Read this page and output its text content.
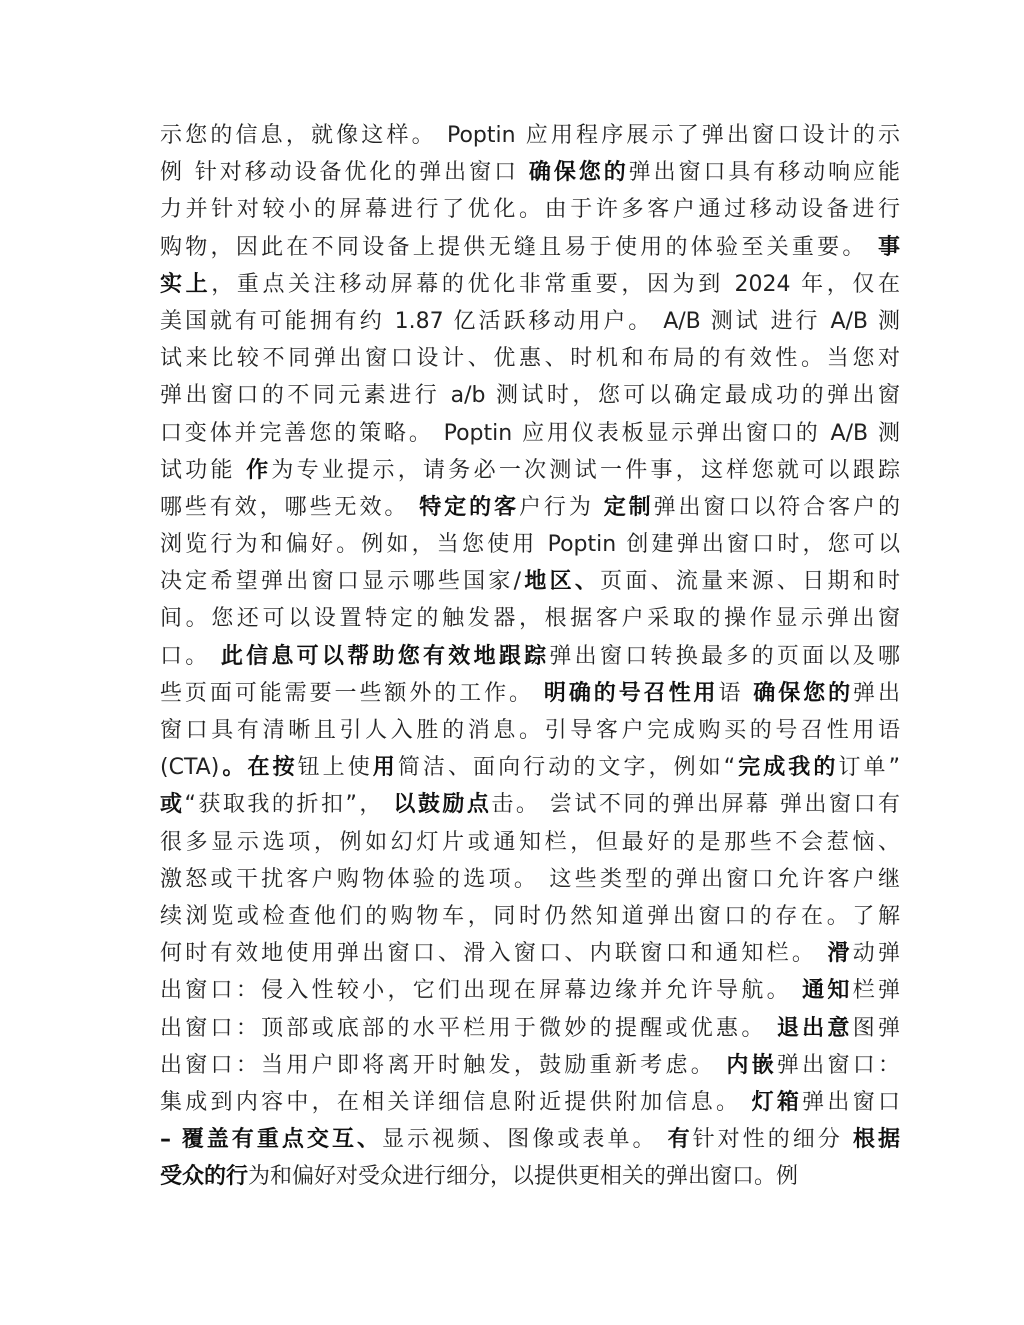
示您的信息，就像这样。 Poptin 应用程序展示了弹出窗口设计的示
例 针对移动设备优化的弹出窗口 确保您的弹出窗口具有移动响应能
力并针对较小的屏幕进行了优化。由于许多客户通过移动设备进行
购物，因此在不同设备上提供无缝且易于使用的体验至关重要。 事
实上，重点关注移动屏幕的优化非常重要，因为到 2024 年，仅在
美国就有可能拥有约 1.87 亿活跃移动用户。 A/B 测试 进行 A/B 测
试来比较不同弹出窗口设计、优惠、时机和布局的有效性。当您对
弹出窗口的不同元素进行 a/b 测试时，您可以确定最成功的弹出窗
口变体并完善您的策略。 Poptin 应用仪表板显示弹出窗口的 A/B 测
试功能 作为专业提示，请务必一次测试一件事，这样您就可以跟踪
哪些有效，哪些无效。 特定的客户行为 定制弹出窗口以符合客户的
浏览行为和偏好。例如，当您使用 Poptin 创建弹出窗口时，您可以
决定希望弹出窗口显示哪些国家/地区、页面、流量来源、日期和时
间。您还可以设置特定的触发器，根据客户采取的操作显示弹出窗
口。 此信息可以帮助您有效地跟踪弹出窗口转换最多的页面以及哪
些页面可能需要一些额外的工作。 明确的号召性用语 确保您的弹出
窗口具有清晰且引人入胜的消息。引导客户完成购买的号召性用语
(CTA)。在按钮上使用简洁、面向行动的文字，例如“完成我的订单”
或“获取我的折扣”， 以鼓励点击。 尝试不同的弹出屏幕 弹出窗口有
很多显示选项，例如幻灯片或通知栏，但最好的是那些不会惹恼、
激怒或干扰客户购物体验的选项。 这些类型的弹出窗口允许客户继
续浏览或检查他们的购物车，同时仍然知道弹出窗口的存在。了解
何时有效地使用弹出窗口、滑入窗口、内联窗口和通知栏。 滑动弹
出窗口：侵入性较小，它们出现在屏幕边缘并允许导航。 通知栏弹
出窗口：顶部或底部的水平栏用于微妙的提醒或优惠。 退出意图弹
出窗口：当用户即将离开时触发，鼓励重新考虑。 内嵌弹出窗口：
集成到内容中，在相关详细信息附近提供附加信息。 灯箱弹出窗口
– 覆盖有重点交互、显示视频、图像或表单。 有针对性的细分 根据
受众的行为和偏好对受众进行细分，以提供更相关的弹出窗口。例
